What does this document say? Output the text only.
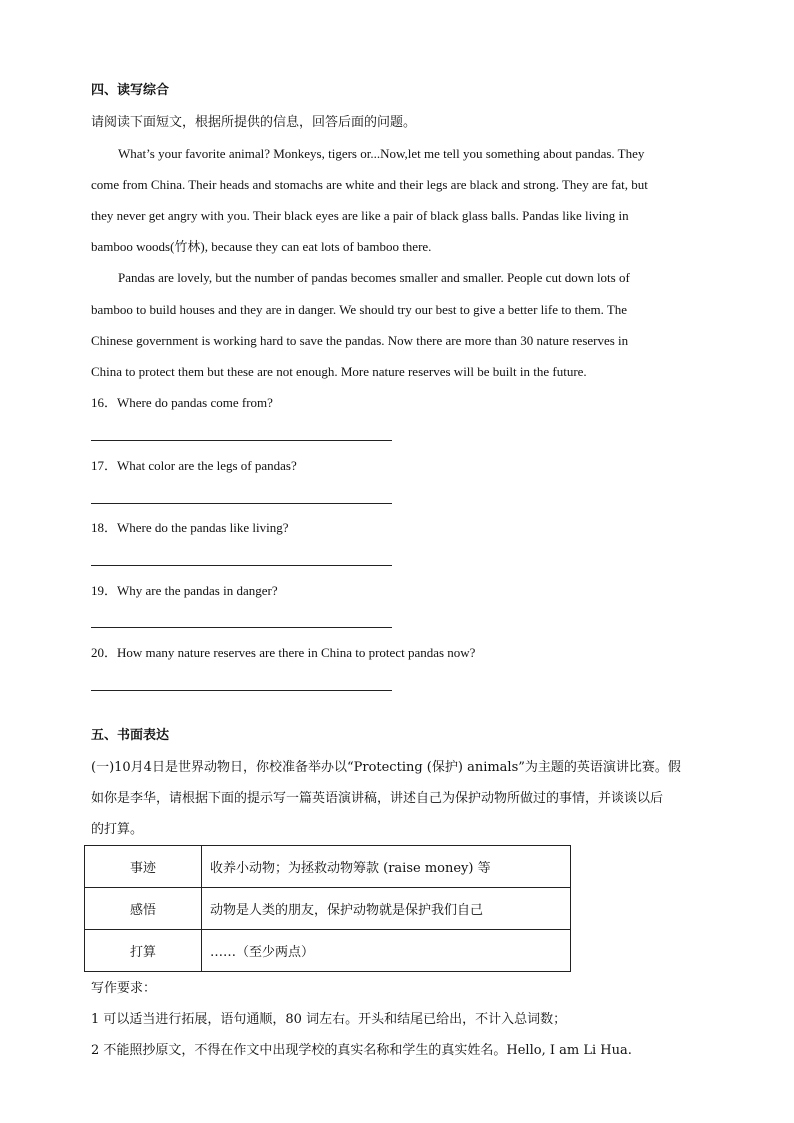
四、读写综合
请阅读下面短文，根据所提供的信息，回答后面的问题。
What’s your favorite animal? Monkeys, tigers or...Now,let me tell you something about pandas. They
come from China. Their heads and stomachs are white and their legs are black and strong. They are fat, but
they never get angry with you. Their black eyes are like a pair of black glass balls. Pandas like living in
bamboo woods(竹林), because they can eat lots of bamboo there.
Pandas are lovely, but the number of pandas becomes smaller and smaller. People cut down lots of
bamboo to build houses and they are in danger. We should try our best to give a better life to them. The
Chinese government is working hard to save the pandas. Now there are more than 30 nature reserves in
China to protect them but these are not enough. More nature reserves will be built in the future.
16．Where do pandas come from?
17．What color are the legs of pandas?
18．Where do the pandas like living?
19．Why are the pandas in danger?
20．How many nature reserves are there in China to protect pandas now?
五、书面表达
(一)10月4日是世界动物日，你校准备举办以“Protecting (保护) animals”为主题的英语演讲比赛。假
如你是李华，请根据下面的提示写一篇英语演讲稿，讲述自己为保护动物所做过的事情，并谈谈以后
的打算。
事迹	收养小动物；为拯救动物筹款 (raise money) 等
感悟	动物是人类的朋友，保护动物就是保护我们自己
打算	……（至少两点）
写作要求：
1 可以适当进行拓展，语句通顺，80 词左右。开头和结尾已给出，不计入总词数；
2 不能照抄原文，不得在作文中出现学校的真实名称和学生的真实姓名。Hello, I am Li Hua.
